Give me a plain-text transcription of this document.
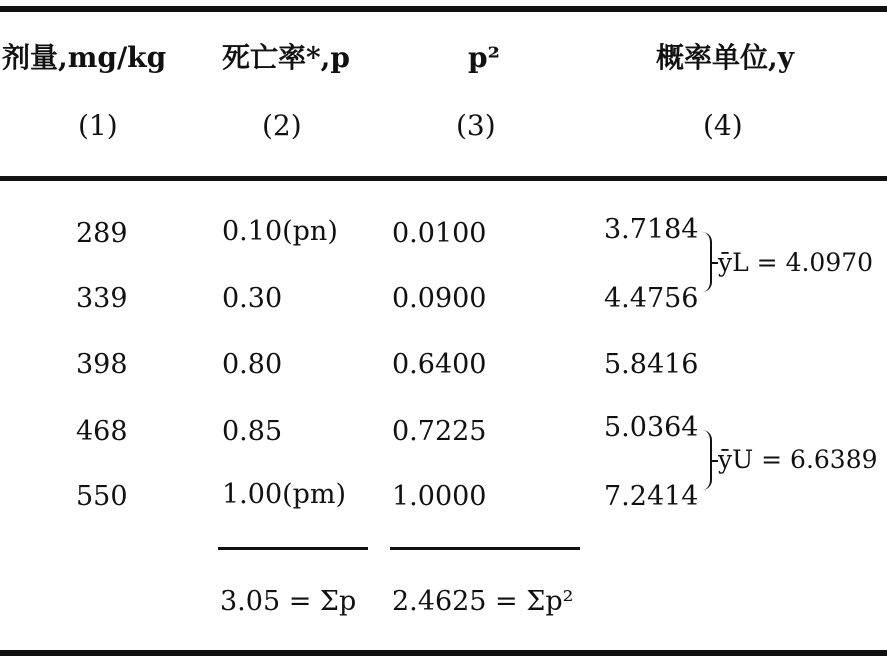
剂量,mg/kg 死亡率*,p	p²	概率单位,y
(1)	(2)	(3)	(4)
289	0.10(pn) 0.0100	3.7184
339	0.30	0.0900	4.4756
398	0.80	0.6400	5.8416
468	0.85	0.7225	5.0364
550	1.00(pm) 1.0000	7.2414
ȳL = 4.0970
ȳU = 6.6389
3.05 = Σp 2.4625 = Σp²
